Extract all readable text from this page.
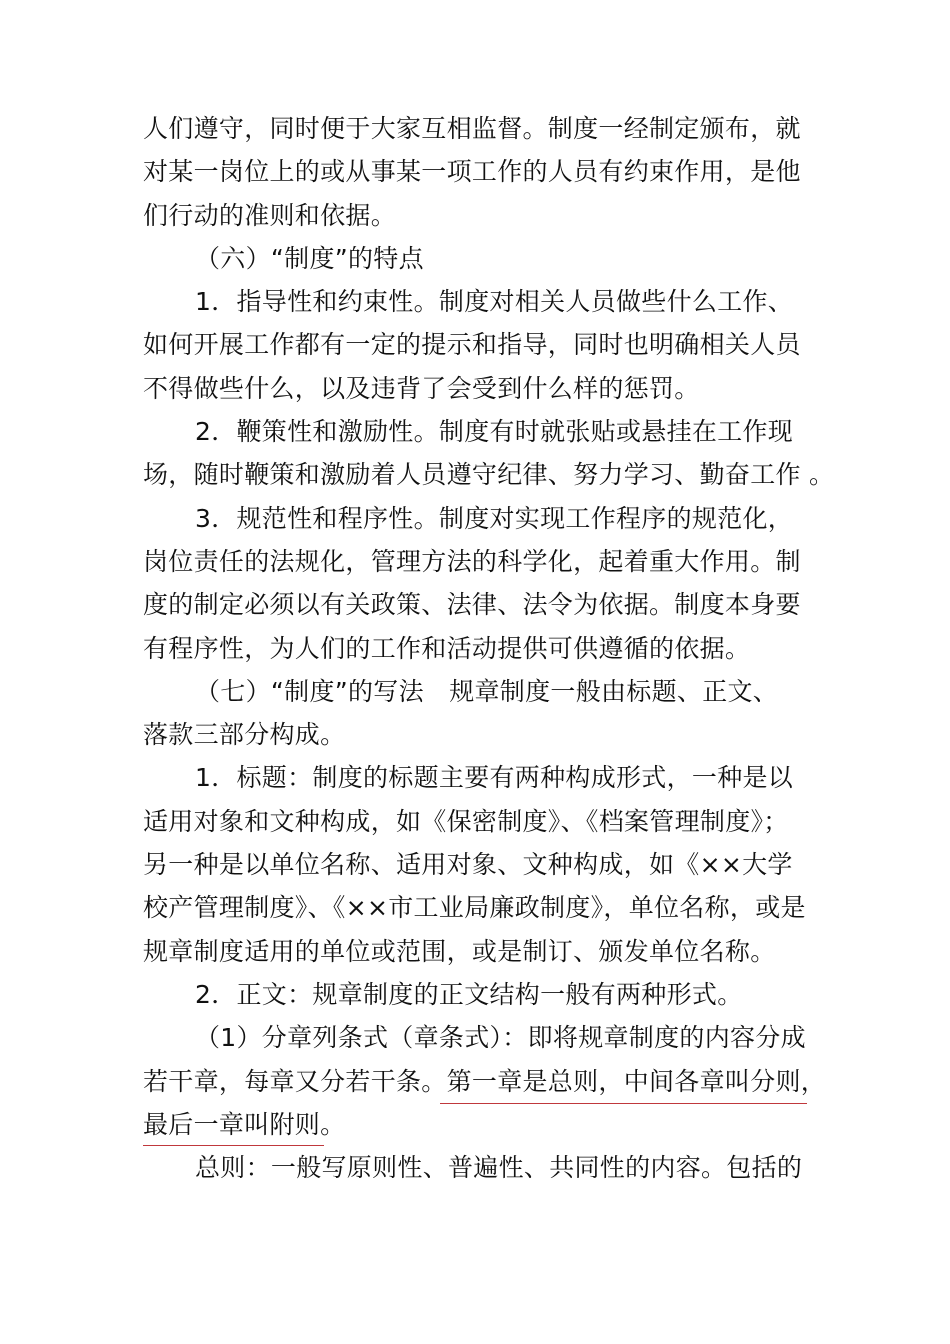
人们遵守，同时便于大家互相监督。制度一经制定颁布，就
对某一岗位上的或从事某一项工作的人员有约束作用，是他
们行动的准则和依据。
（六）“制度”的特点
1．指导性和约束性。制度对相关人员做些什么工作、
如何开展工作都有一定的提示和指导，同时也明确相关人员
不得做些什么，以及违背了会受到什么样的惩罚。
2．鞭策性和激励性。制度有时就张贴或悬挂在工作现
场，随时鞭策和激励着人员遵守纪律、努力学习、勤奋工作 。
3．规范性和程序性。制度对实现工作程序的规范化，
岗位责任的法规化，管理方法的科学化，起着重大作用。制
度的制定必须以有关政策、法律、法令为依据。制度本身要
有程序性，为人们的工作和活动提供可供遵循的依据。
（七）“制度”的写法　规章制度一般由标题、正文、
落款三部分构成。
1．标题：制度的标题主要有两种构成形式，一种是以
适用对象和文种构成，如《保密制度》、《档案管理制度》；
另一种是以单位名称、适用对象、文种构成，如《××大学
校产管理制度》、《××市工业局廉政制度》，单位名称，或是
规章制度适用的单位或范围，或是制订、颁发单位名称。
2．正文：规章制度的正文结构一般有两种形式。
（1）分章列条式（章条式）：即将规章制度的内容分成
若干章，每章又分若干条。第一章是总则，中间各章叫分则，
最后一章叫附则。
总则：一般写原则性、普遍性、共同性的内容。包括的
